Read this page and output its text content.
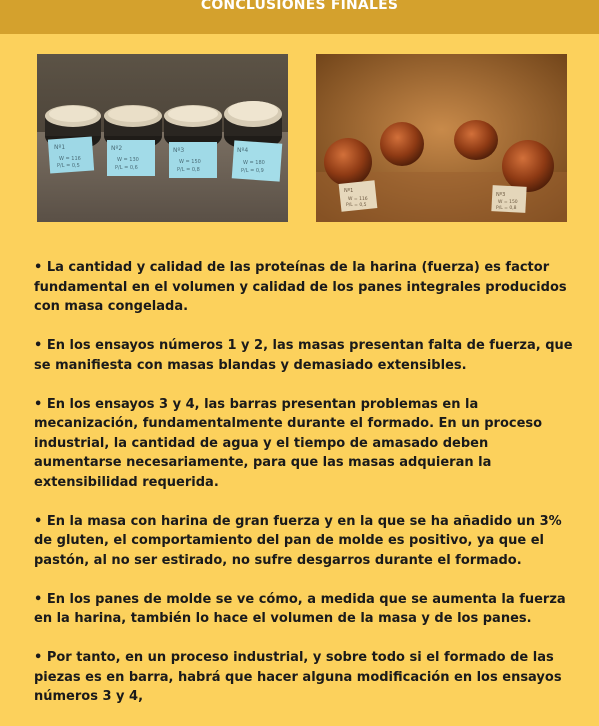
CONCLUSIONES FINALES
Nº1
W = 116
P/L = 0,5
Nº2
W = 130
P/L = 0,6
Nº3
W = 150
P/L = 0,8
Nº4
W = 180
P/L = 0,9
Nº1
W = 116
P/L = 0,5
Nº3
W = 150
P/L = 0,8

• La cantidad y calidad de las proteínas de la harina (fuerza) es factor fundamental en el volumen y calidad de los panes integrales producidos con masa congelada.

• En los ensayos números 1 y 2, las masas presentan falta de fuerza, que se manifiesta con masas blandas y demasiado extensibles.

• En los ensayos 3 y 4, las barras presentan problemas en la mecanización, fundamentalmente durante el formado. En un proceso industrial, la cantidad de agua y el tiempo de amasado deben aumentarse necesariamente, para que las masas adquieran la extensibilidad requerida.

• En la masa con harina de gran fuerza y en la que se ha añadido un 3% de gluten, el comportamiento del pan de molde es positivo, ya que el pastón, al no ser estirado, no sufre desgarros durante el formado.

• En los panes de molde se ve cómo, a medida que se aumenta la fuerza en la harina, también lo hace el volumen de la masa y de los panes.

• Por tanto, en un proceso industrial, y sobre todo si el formado de las piezas es en barra, habrá que hacer alguna modificación en los ensayos números 3 y 4,
